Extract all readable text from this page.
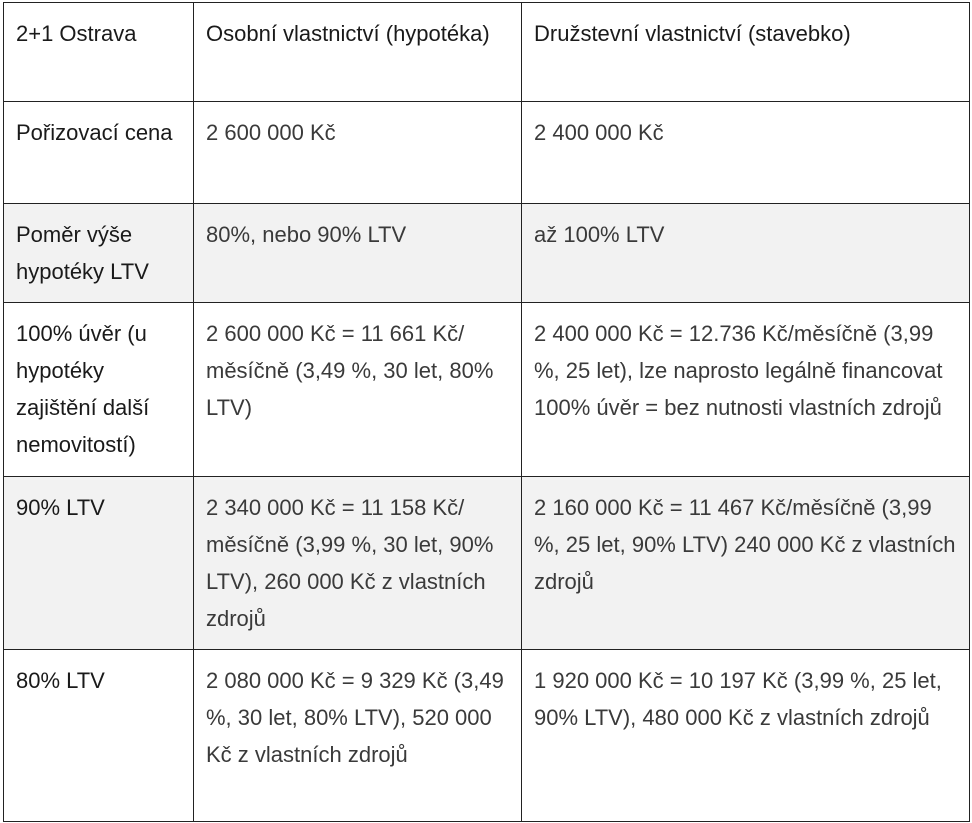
2+1 Ostrava	Osobní vlastnictví (hypotéka)	Družstevní vlastnictví (stavebko)
Pořizovací cena	2 600 000 Kč	2 400 000 Kč
Poměr výše hypotéky LTV	80%, nebo 90% LTV	až 100% LTV
100% úvěr (u hypotéky zajištění další nemovitostí)	2 600 000 Kč = 11 661 Kč/ měsíčně (3,49 %, 30 let, 80% LTV)	2 400 000 Kč = 12.736 Kč/měsíčně (3,99 %, 25 let), lze naprosto legálně financovat 100% úvěr = bez nutnosti vlastních zdrojů
90% LTV	2 340 000 Kč = 11 158 Kč/ měsíčně (3,99 %, 30 let, 90% LTV), 260 000 Kč z vlastních zdrojů	2 160 000 Kč = 11 467 Kč/měsíčně (3,99 %, 25 let, 90% LTV) 240 000 Kč z vlastních zdrojů
80% LTV	2 080 000 Kč = 9 329 Kč (3,49 %, 30 let, 80% LTV), 520 000 Kč z vlastních zdrojů	1 920 000 Kč = 10 197 Kč (3,99 %, 25 let, 90% LTV), 480 000 Kč z vlastních zdrojů
